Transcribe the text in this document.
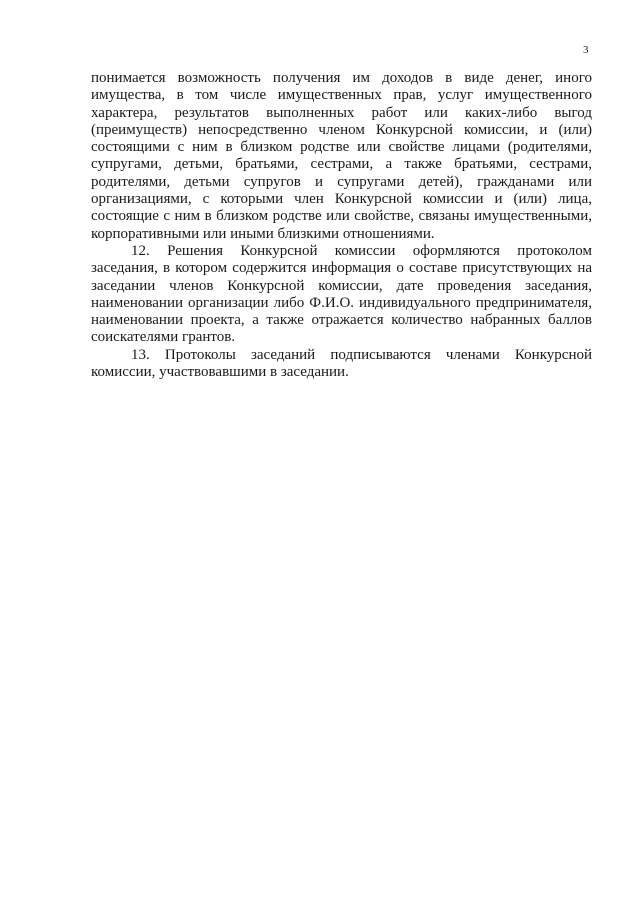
3

понимается возможность получения им доходов в виде денег, иного имущества, в том числе имущественных прав, услуг имущественного характера, результатов выполненных работ или каких-либо выгод (преимуществ) непосредственно членом Конкурсной комиссии, и (или) состоящими с ним в близком родстве или свойстве лицами (родителями, супругами, детьми, братьями, сестрами, а также братьями, сестрами, родителями, детьми супругов и супругами детей), гражданами или организациями, с которыми член Конкурсной комиссии и (или) лица, состоящие с ним в близком родстве или свойстве, связаны имущественными, корпоративными или иными близкими отношениями.

12. Решения Конкурсной комиссии оформляются протоколом заседания, в котором содержится информация о составе присутствующих на заседании членов Конкурсной комиссии, дате проведения заседания, наименовании организации либо Ф.И.О. индивидуального предпринимателя, наименовании проекта, а также отражается количество набранных баллов соискателями грантов.

13. Протоколы заседаний подписываются членами Конкурсной комиссии, участвовавшими в заседании.
